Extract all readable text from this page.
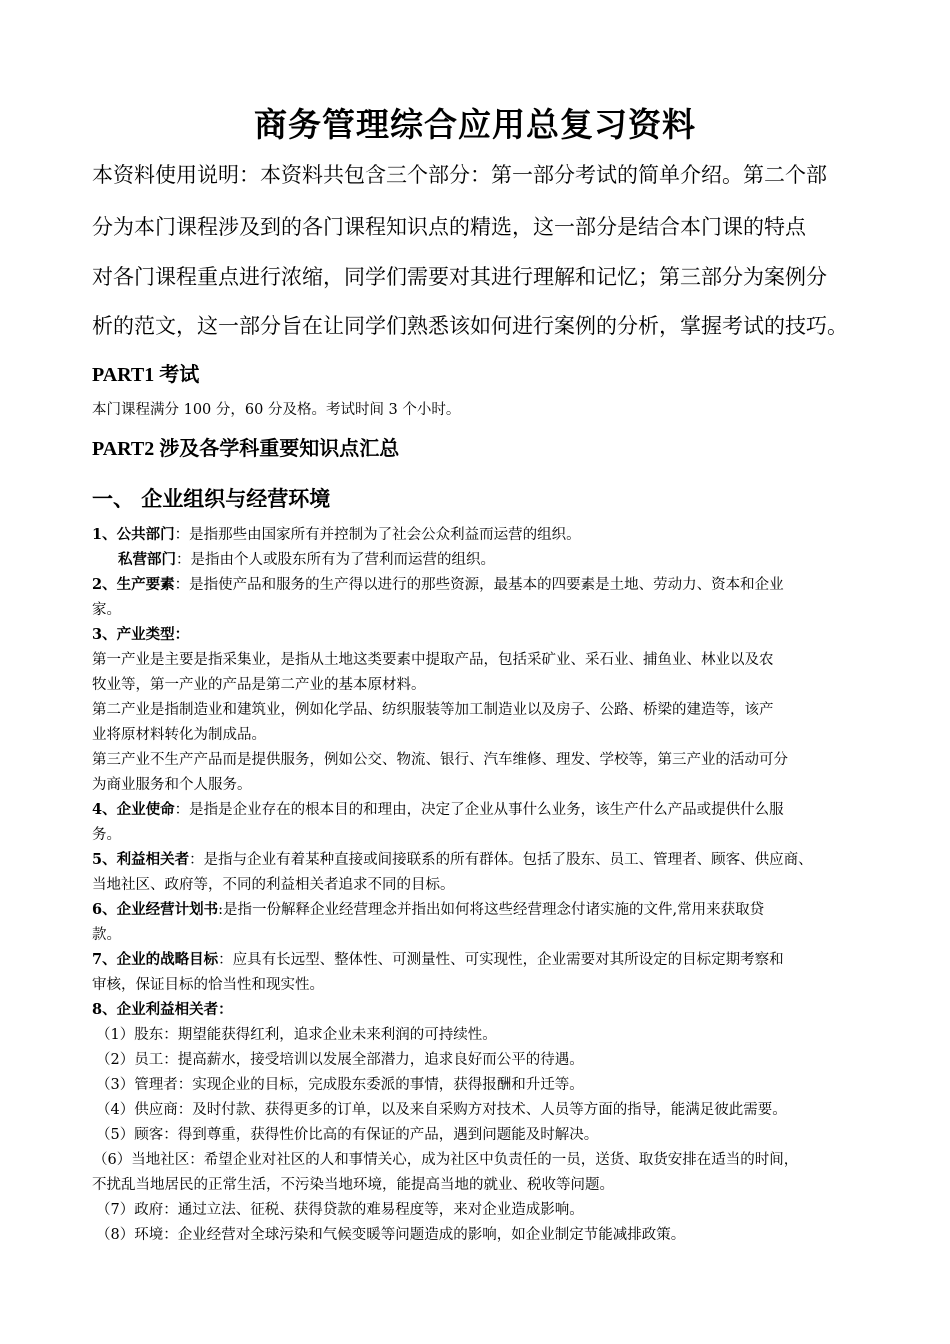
商务管理综合应用总复习资料
本资料使用说明：本资料共包含三个部分：第一部分考试的简单介绍。第二个部
分为本门课程涉及到的各门课程知识点的精选，这一部分是结合本门课的特点
对各门课程重点进行浓缩，同学们需要对其进行理解和记忆；第三部分为案例分
析的范文，这一部分旨在让同学们熟悉该如何进行案例的分析，掌握考试的技巧。
PART1 考试
本门课程满分 100 分，60 分及格。考试时间 3 个小时。
PART2 涉及各学科重要知识点汇总
一、 企业组织与经营环境
1、公共部门：是指那些由国家所有并控制为了社会公众利益而运营的组织。
私营部门：是指由个人或股东所有为了营利而运营的组织。
2、生产要素：是指使产品和服务的生产得以进行的那些资源，最基本的四要素是土地、劳动力、资本和企业
家。
3、产业类型：
第一产业是主要是指采集业，是指从土地这类要素中提取产品，包括采矿业、采石业、捕鱼业、林业以及农
牧业等，第一产业的产品是第二产业的基本原材料。
第二产业是指制造业和建筑业，例如化学品、纺织服装等加工制造业以及房子、公路、桥梁的建造等，该产
业将原材料转化为制成品。
第三产业不生产产品而是提供服务，例如公交、物流、银行、汽车维修、理发、学校等，第三产业的活动可分
为商业服务和个人服务。
4、企业使命：是指是企业存在的根本目的和理由，决定了企业从事什么业务，该生产什么产品或提供什么服
务。
5、利益相关者：是指与企业有着某种直接或间接联系的所有群体。包括了股东、员工、管理者、顾客、供应商、
当地社区、政府等，不同的利益相关者追求不同的目标。
6、企业经营计划书:是指一份解释企业经营理念并指出如何将这些经营理念付诸实施的文件,常用来获取贷
款。
7、企业的战略目标：应具有长远型、整体性、可测量性、可实现性，企业需要对其所设定的目标定期考察和
审核，保证目标的恰当性和现实性。
8、企业利益相关者：
（1）股东：期望能获得红利，追求企业未来利润的可持续性。
（2）员工：提高薪水，接受培训以发展全部潜力，追求良好而公平的待遇。
（3）管理者：实现企业的目标，完成股东委派的事情，获得报酬和升迁等。
（4）供应商：及时付款、获得更多的订单，以及来自采购方对技术、人员等方面的指导，能满足彼此需要。
（5）顾客：得到尊重，获得性价比高的有保证的产品，遇到问题能及时解决。
（6）当地社区：希望企业对社区的人和事情关心，成为社区中负责任的一员，送货、取货安排在适当的时间，
不扰乱当地居民的正常生活，不污染当地环境，能提高当地的就业、税收等问题。
（7）政府：通过立法、征税、获得贷款的难易程度等，来对企业造成影响。
（8）环境：企业经营对全球污染和气候变暖等问题造成的影响，如企业制定节能减排政策。
